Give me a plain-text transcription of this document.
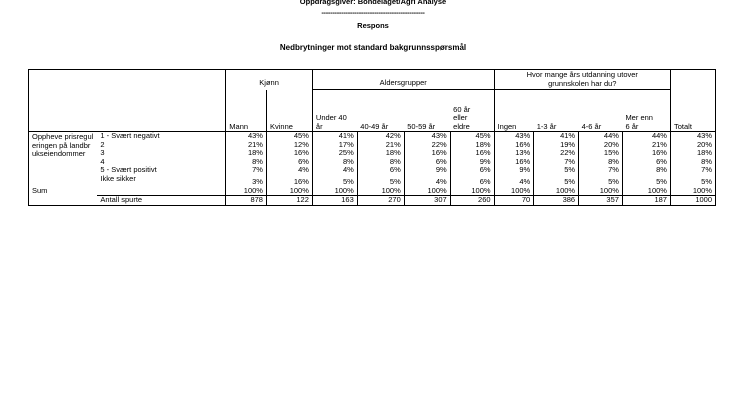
Oppdragsgiver: Bondelaget/Agri Analyse
-----------------------------------------------
Respons
Nedbrytninger mot standard bakgrunnsspørsmål
		Kjønn		Aldersgrupper				Hvor mange års utdanning utover grunnskolen har du?				
		Mann	Kvinne	Under 40 år	40-49 år	50-59 år	60 år eller eldre	Ingen	1-3 år	4-6 år	Mer enn 6 år	Totalt
Oppheve prisreguleringen på landbrukseiendommer	1 - Svært negativt	43%	45%	41%	42%	43%	45%	43%	41%	44%	44%	43%
	2	21%	12%	17%	21%	22%	18%	16%	19%	20%	21%	20%
	3	18%	16%	25%	18%	16%	16%	13%	22%	15%	16%	18%
	4	8%	6%	8%	8%	6%	9%	16%	7%	8%	6%	8%
	5 - Svært positivt	7%	4%	4%	6%	9%	6%	9%	5%	7%	8%	7%
	Ikke sikker	3%	16%	5%	5%	4%	6%	4%	5%	5%	5%	5%
Sum		100%	100%	100%	100%	100%	100%	100%	100%	100%	100%	100%
	Antall spurte	878	122	163	270	307	260	70	386	357	187	1000
